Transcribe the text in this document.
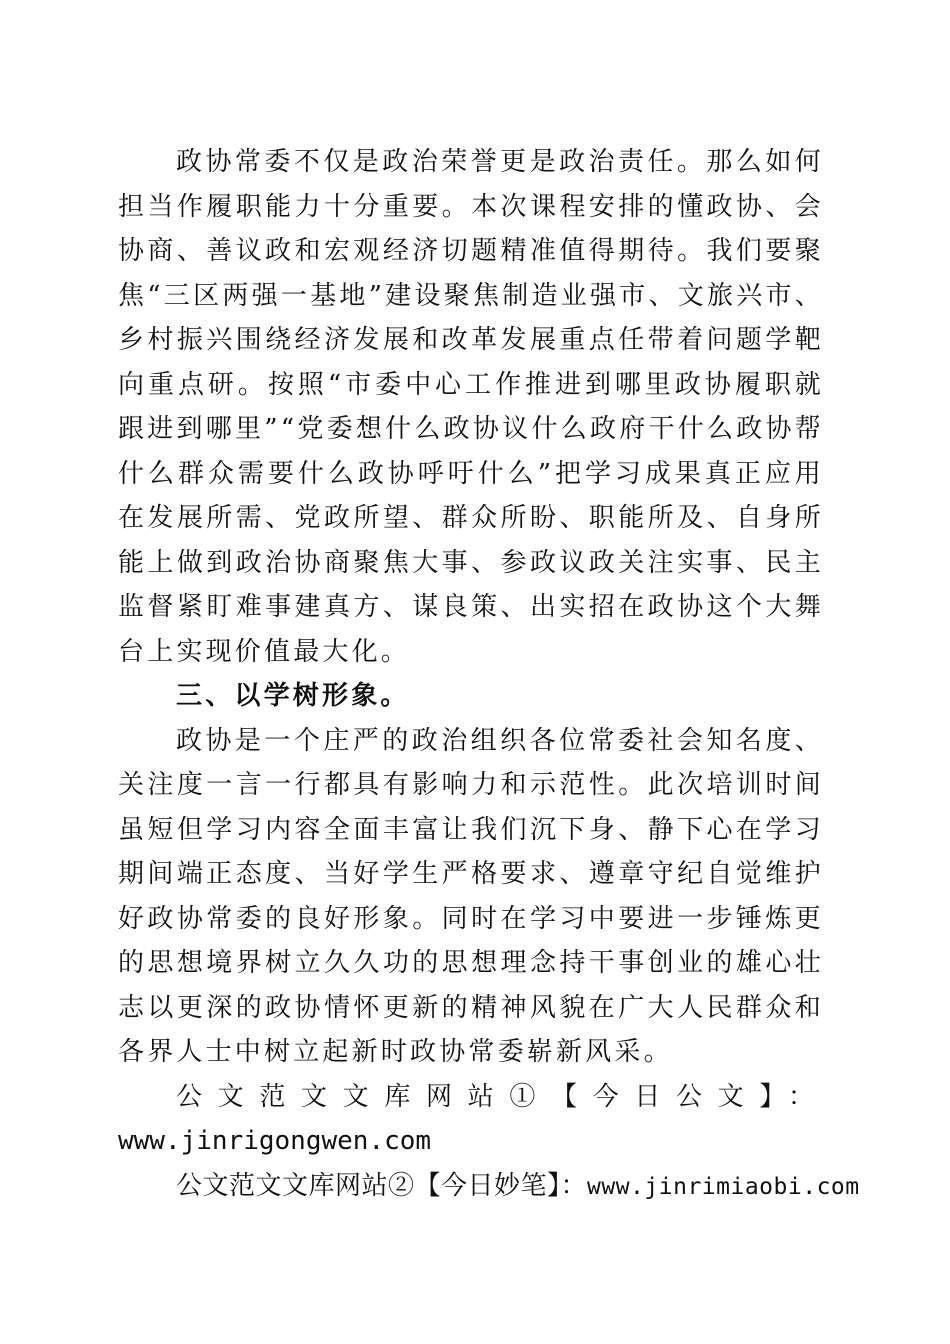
政协常委不仅是政治荣誉更是政治责任。那么如何担当作履职能力十分重要。本次课程安排的懂政协、会协商、善议政和宏观经济切题精准值得期待。我们要聚焦“三区两强一基地”建设聚焦制造业强市、文旅兴市、乡村振兴围绕经济发展和改革发展重点任带着问题学靶向重点研。按照“市委中心工作推进到哪里政协履职就跟进到哪里”“党委想什么政协议什么政府干什么政协帮什么群众需要什么政协呼吁什么”把学习成果真正应用在发展所需、党政所望、群众所盼、职能所及、自身所能上做到政治协商聚焦大事、参政议政关注实事、民主监督紧盯难事建真方、谋良策、出实招在政协这个大舞台上实现价值最大化。

三、以学树形象。

政协是一个庄严的政治组织各位常委社会知名度、关注度一言一行都具有影响力和示范性。此次培训时间虽短但学习内容全面丰富让我们沉下身、静下心在学习期间端正态度、当好学生严格要求、遵章守纪自觉维护好政协常委的良好形象。同时在学习中要进一步锤炼更的思想境界树立久久功的思想理念持干事创业的雄心壮志以更深的政协情怀更新的精神风貌在广大人民群众和各界人士中树立起新时政协常委崭新风采。

公文范文文库网站①【今日公文】：

www.jinrigongwen.com

公文范文文库网站②【今日妙笔】：www.jinrimiaobi.com
